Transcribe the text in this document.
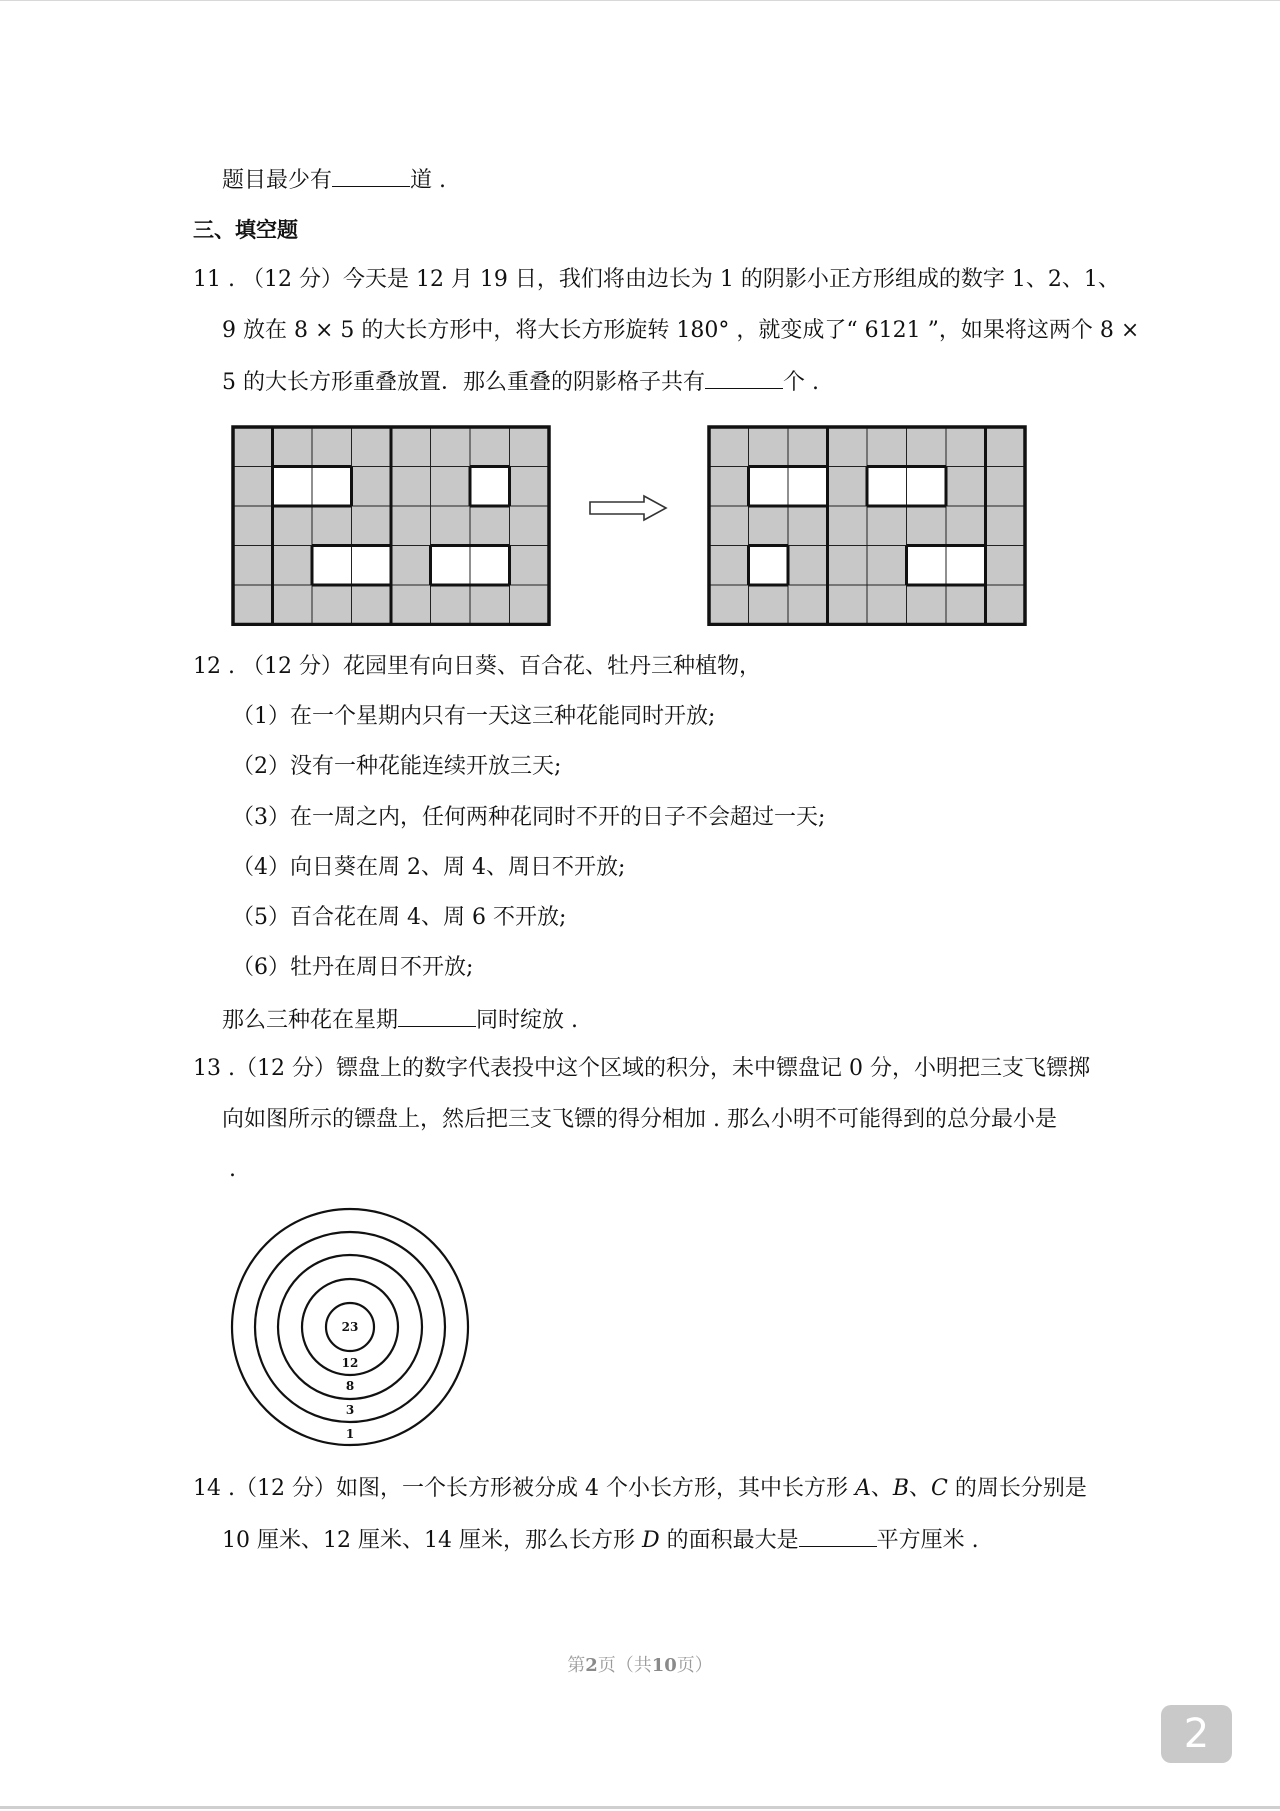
题目最少有	道 .
三、填空题
11 . （12 分）今天是 12 月 19 日，我们将由边长为 1 的阴影小正方形组成的数字 1、2、1、
9 放在 8 × 5 的大长方形中，将大长方形旋转 180° ，就变成了“ 6121 ”，如果将这两个 8 ×
5 的大长方形重叠放置．那么重叠的阴影格子共有	个 .
12 . （12 分）花园里有向日葵、百合花、牡丹三种植物，
（1）在一个星期内只有一天这三种花能同时开放;
（2）没有一种花能连续开放三天;
（3）在一周之内，任何两种花同时不开的日子不会超过一天;
（4）向日葵在周 2、周 4、周日不开放;
（5）百合花在周 4、周 6 不开放;
（6）牡丹在周日不开放;
那么三种花在星期	同时绽放 .
13 .（12 分）镖盘上的数字代表投中这个区域的积分，未中镖盘记 0 分，小明把三支飞镖掷
向如图所示的镖盘上，然后把三支飞镖的得分相加 . 那么小明不可能得到的总分最小是
.
23
12
8
3
1
14 .（12 分）如图，一个长方形被分成 4 个小长方形，其中长方形 A、B、C 的周长分别是
10 厘米、12 厘米、14 厘米，那么长方形 D 的面积最大是	平方厘米 .
第2页（共10页）
2
